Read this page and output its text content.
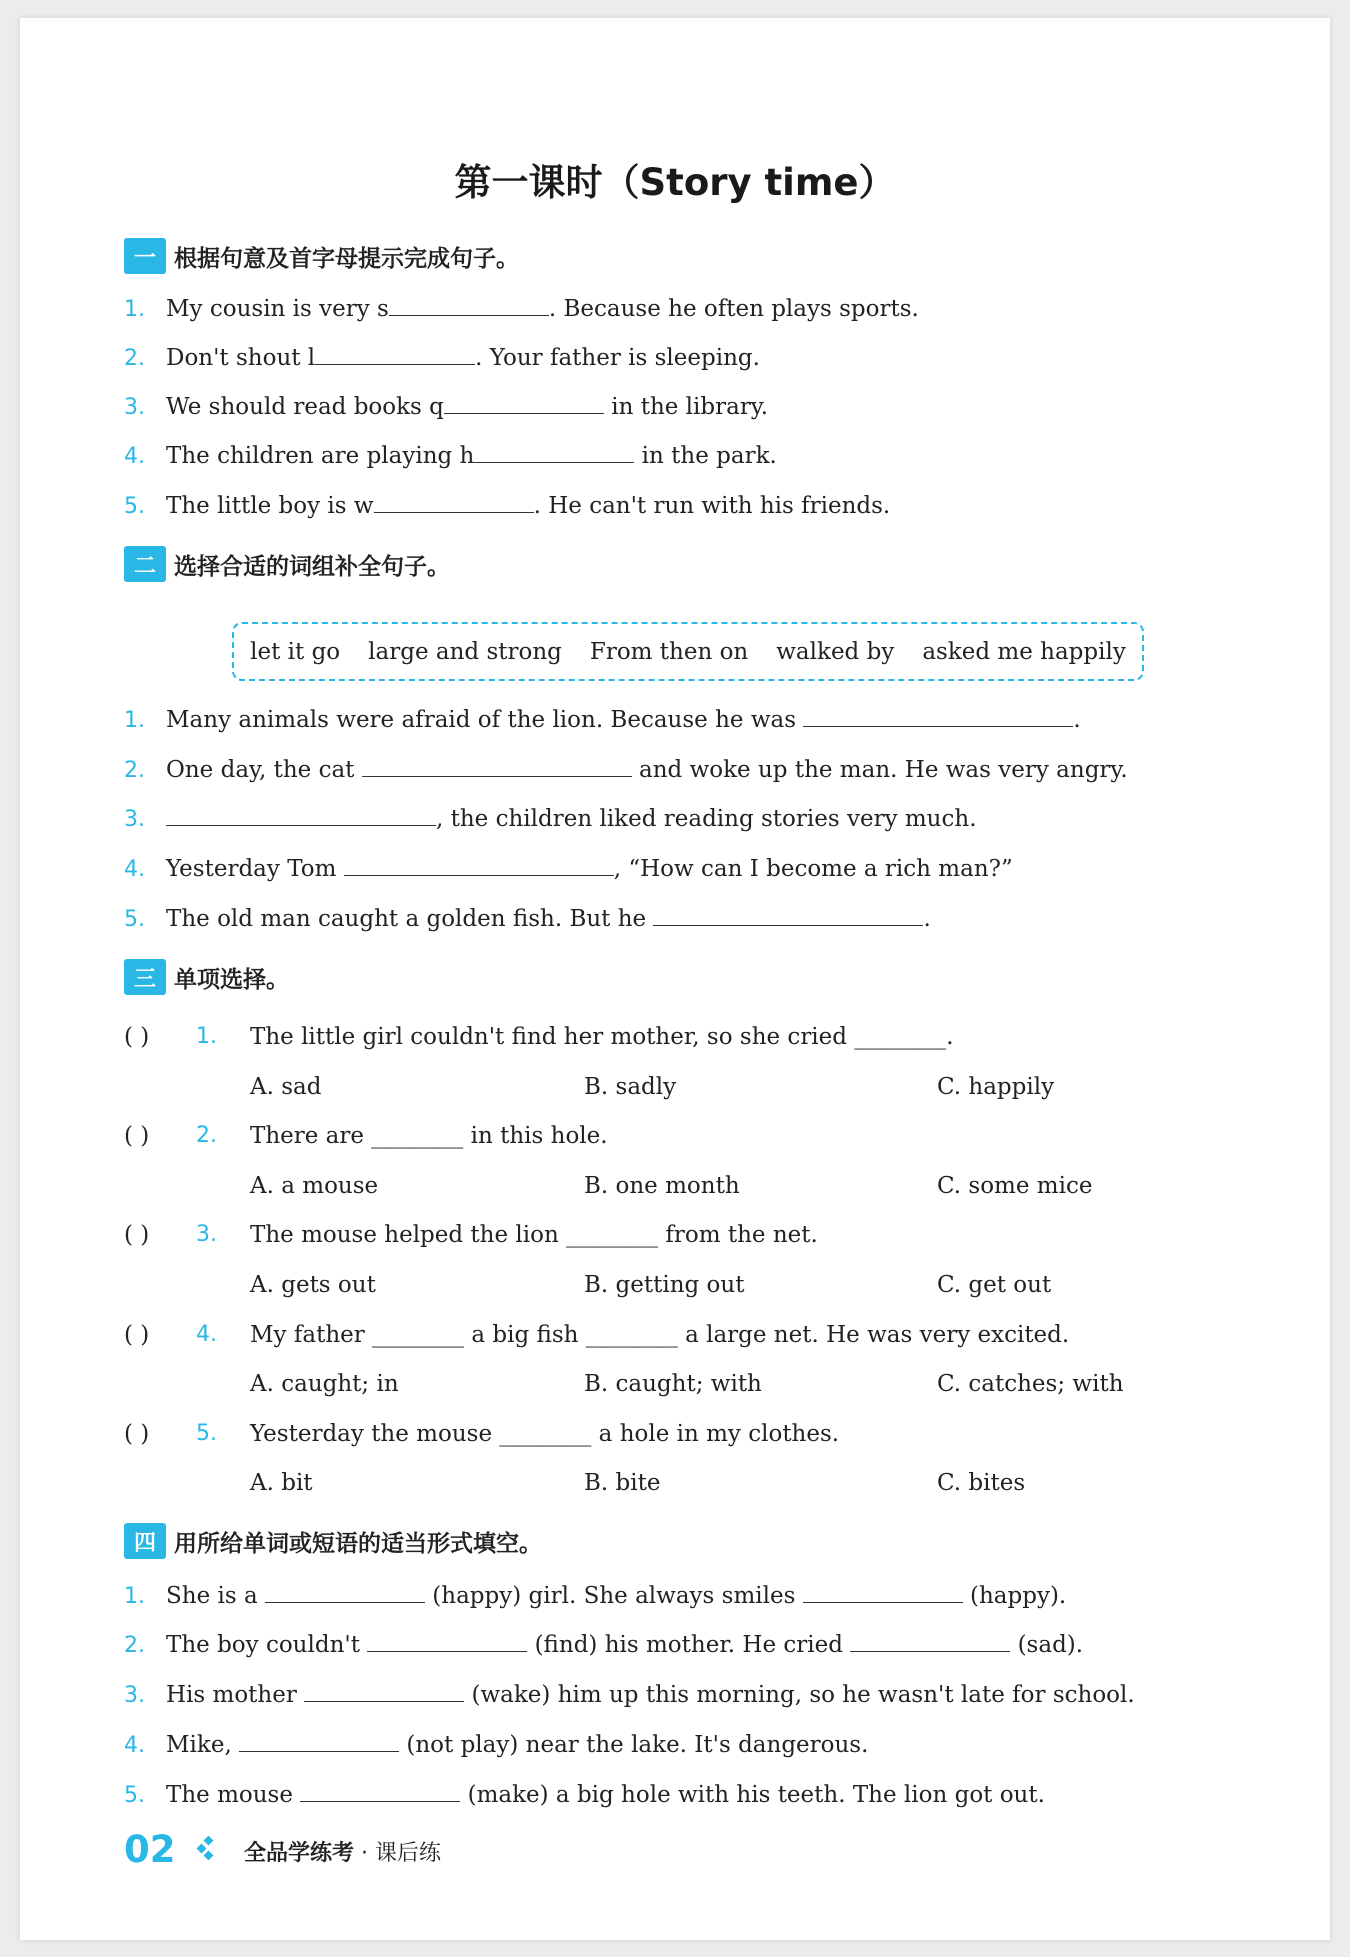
第一课时（Story time）
一 根据句意及首字母提示完成句子。
1. My cousin is very s	. Because he often plays sports.
2. Don't shout l	. Your father is sleeping.
3. We should read books q	in the library.
4. The children are playing h	in the park.
5. The little boy is w	. He can't run with his friends.
二 选择合适的词组补全句子。
let it go large and strong From then on walked by asked me happily
1. Many animals were afraid of the lion. Because he was	.
2. One day, the cat	and woke up the man. He was very angry.
3.	, the children liked reading stories very much.
4. Yesterday Tom	, “How can I become a rich man?”
5. The old man caught a golden fish. But he	.
三 单项选择。
( ) 1. The little girl couldn't find her mother, so she cried ________.
A. sad	B. sadly	C. happily
( ) 2. There are ________ in this hole.
A. a mouse	B. one month	C. some mice
( ) 3. The mouse helped the lion ________ from the net.
A. gets out	B. getting out	C. get out
( ) 4. My father ________ a big fish ________ a large net. He was very excited.
A. caught; in	B. caught; with	C. catches; with
( ) 5. Yesterday the mouse ________ a hole in my clothes.
A. bit	B. bite	C. bites
四 用所给单词或短语的适当形式填空。
1. She is a	(happy) girl. She always smiles	(happy).
2. The boy couldn't	(find) his mother. He cried	(sad).
3. His mother	(wake) him up this morning, so he wasn't late for school.
4. Mike,	(not play) near the lake. It's dangerous.
5. The mouse	(make) a big hole with his teeth. The lion got out.
02	全品学练考 · 课后练
